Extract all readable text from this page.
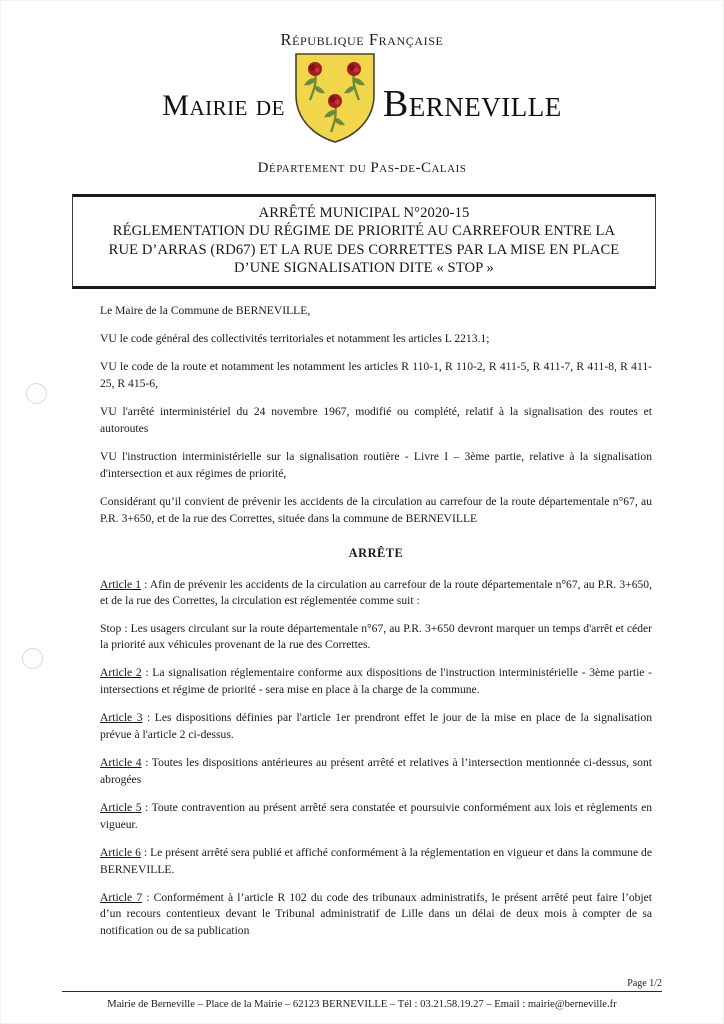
République Française
Mairie de	Berneville
Département du Pas-de-Calais
ARRÊTÉ MUNICIPAL N°2020-15
RÉGLEMENTATION DU RÉGIME DE PRIORITÉ AU CARREFOUR ENTRE LA
RUE D’ARRAS (RD67) ET LA RUE DES CORRETTES PAR LA MISE EN PLACE
D’UNE SIGNALISATION DITE « STOP »

Le Maire de la Commune de BERNEVILLE,

VU le code général des collectivités territoriales et notamment les articles L 2213.1;

VU le code de la route et notamment les notamment les articles R 110-1, R 110-2, R 411-5, R 411-7, R 411-8, R 411-25, R 415-6,

VU l'arrêté interministériel du 24 novembre 1967, modifié ou complété, relatif à la signalisation des routes et autoroutes

VU l'instruction interministérielle sur la signalisation routière - Livre I – 3ème partie, relative à la signalisation d'intersection et aux régimes de priorité,

Considérant qu’il convient de prévenir les accidents de la circulation au carrefour de la route départementale n°67, au P.R. 3+650, et de la rue des Correttes, située dans la commune de BERNEVILLE

ARRÊTE

Article 1 : Afin de prévenir les accidents de la circulation au carrefour de la route départementale n°67, au P.R. 3+650, et de la rue des Correttes, la circulation est réglementée comme suit :

Stop : Les usagers circulant sur la route départementale n°67, au P.R. 3+650 devront marquer un temps d'arrêt et céder la priorité aux véhicules provenant de la rue des Correttes.

Article 2 : La signalisation réglementaire conforme aux dispositions de l'instruction interministérielle - 3ème partie - intersections et régime de priorité - sera mise en place à la charge de la commune.

Article 3 : Les dispositions définies par l'article 1er prendront effet le jour de la mise en place de la signalisation prévue à l'article 2 ci-dessus.

Article 4 : Toutes les dispositions antérieures au présent arrêté et relatives à l’intersection mentionnée ci-dessus, sont abrogées

Article 5 : Toute contravention au présent arrêté sera constatée et poursuivie conformément aux lois et règlements en vigueur.

Article 6 : Le présent arrêté sera publié et affiché conformément à la réglementation en vigueur et dans la commune de BERNEVILLE.

Article 7 : Conformément à l’article R 102 du code des tribunaux administratifs, le présent arrêté peut faire l’objet d’un recours contentieux devant le Tribunal administratif de Lille dans un délai de deux mois à compter de sa notification ou de sa publication

Page 1/2
Mairie de Berneville – Place de la Mairie – 62123 BERNEVILLE – Tél : 03.21.58.19.27 – Email : mairie@berneville.fr
